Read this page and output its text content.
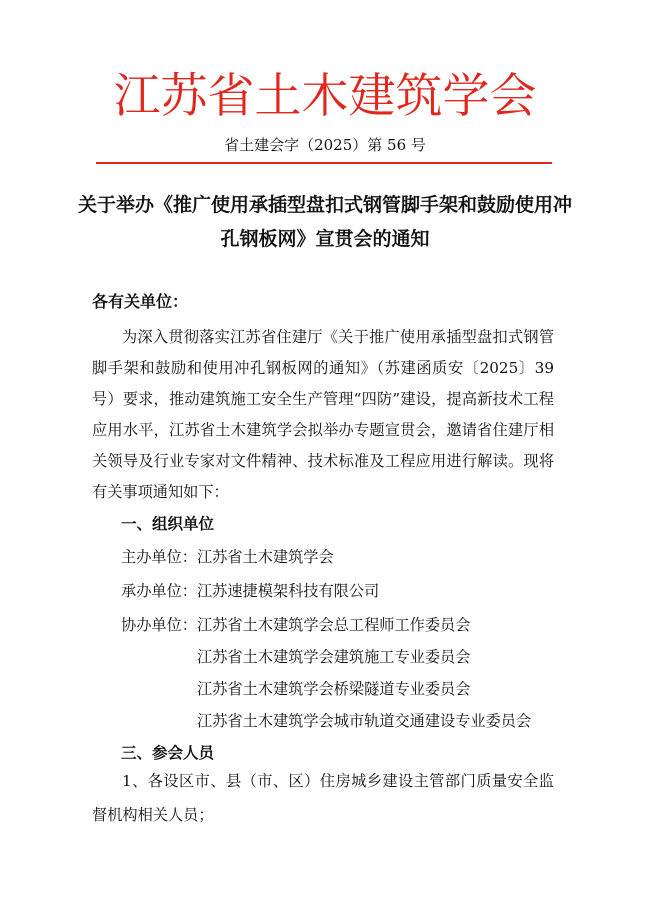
江苏省土木建筑学会
省土建会字（2025）第 56 号
关于举办《推广使用承插型盘扣式钢管脚手架和鼓励使用冲孔钢板网》宣贯会的通知
各有关单位：
为深入贯彻落实江苏省住建厅《关于推广使用承插型盘扣式钢管脚手架和鼓励和使用冲孔钢板网的通知》（苏建函质安〔2025〕39 号）要求，推动建筑施工安全生产管理“四防”建设，提高新技术工程应用水平，江苏省土木建筑学会拟举办专题宣贯会，邀请省住建厅相关领导及行业专家对文件精神、技术标准及工程应用进行解读。现将有关事项通知如下：
一、组织单位
主办单位：江苏省土木建筑学会
承办单位：江苏速捷模架科技有限公司
协办单位： 江苏省土木建筑学会总工程师工作委员会
江苏省土木建筑学会建筑施工专业委员会
江苏省土木建筑学会桥梁隧道专业委员会
江苏省土木建筑学会城市轨道交通建设专业委员会
三、参会人员
1、各设区市、县（市、区）住房城乡建设主管部门质量安全监督机构相关人员；
